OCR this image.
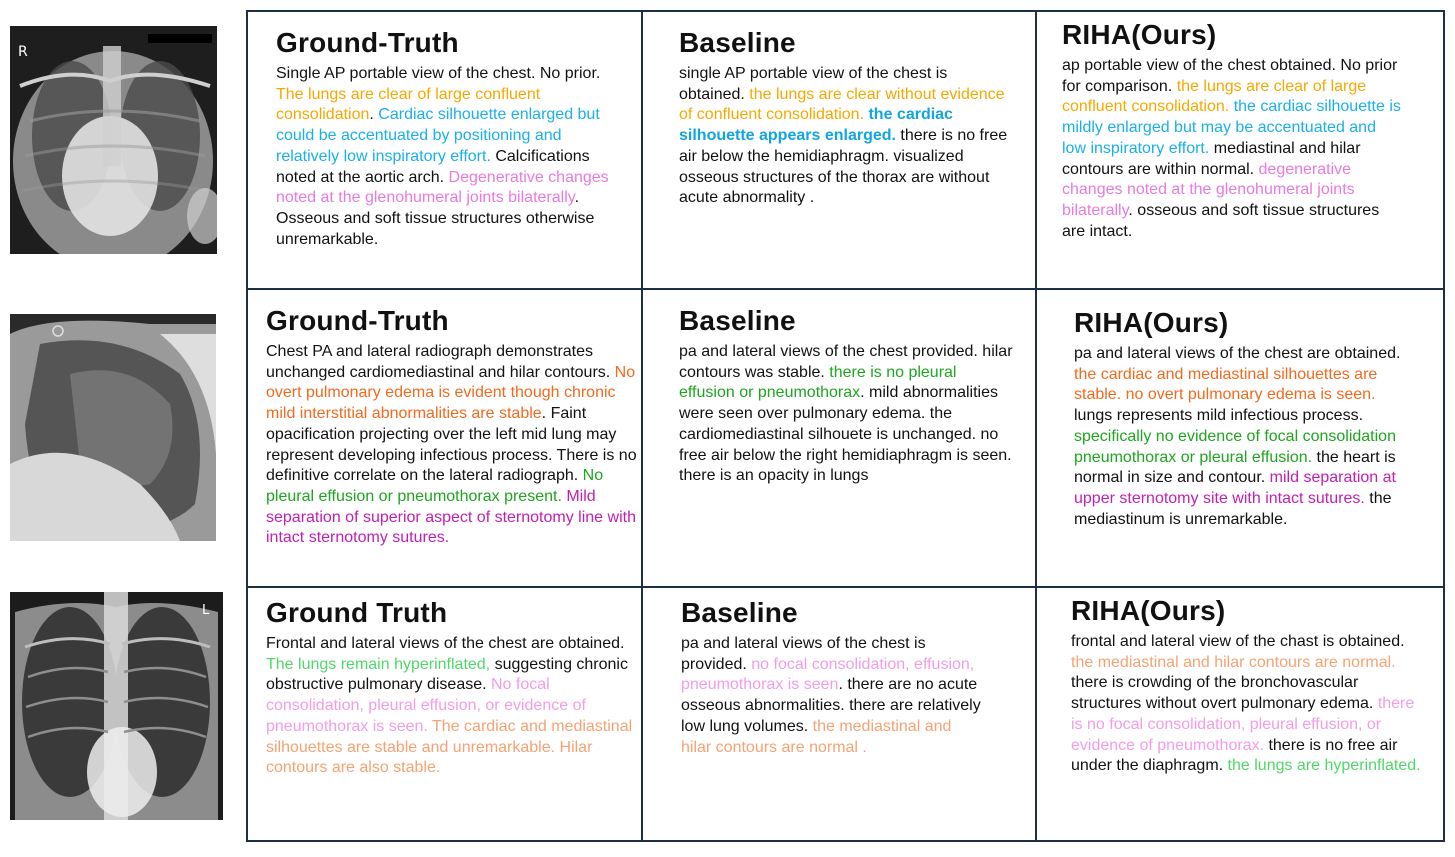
R
L
Ground-Truth

Single AP portable view of the chest. No prior. The lungs are clear of large confluent consolidation. Cardiac silhouette enlarged but could be accentuated by positioning and relatively low inspiratory effort. Calcifications noted at the aortic arch. Degenerative changes noted at the glenohumeral joints bilaterally. Osseous and soft tissue structures otherwise unremarkable.

Baseline

single AP portable view of the chest is obtained. the lungs are clear without evidence of confluent consolidation. the cardiac silhouette appears enlarged. there is no free air below the hemidiaphragm. visualized osseous structures of the thorax are without acute abnormality .

RIHA(Ours)

ap portable view of the chest obtained. No prior for comparison. the lungs are clear of large confluent consolidation. the cardiac silhouette is mildly enlarged but may be accentuated and low inspiratory effort. mediastinal and hilar contours are within normal. degenerative changes noted at the glenohumeral joints bilaterally. osseous and soft tissue structures are intact.

Ground-Truth

Chest PA and lateral radiograph demonstrates unchanged cardiomediastinal and hilar contours. No overt pulmonary edema is evident though chronic mild interstitial abnormalities are stable. Faint opacification projecting over the left mid lung may represent developing infectious process. There is no definitive correlate on the lateral radiograph. No pleural effusion or pneumothorax present. Mild separation of superior aspect of sternotomy line with intact sternotomy sutures.

Baseline

pa and lateral views of the chest provided. hilar contours was stable. there is no pleural effusion or pneumothorax. mild abnormalities were seen over pulmonary edema. the cardiomediastinal silhouete is unchanged. no free air below the right hemidiaphragm is seen. there is an opacity in lungs

RIHA(Ours)

pa and lateral views of the chest are obtained. the cardiac and mediastinal silhouettes are stable. no overt pulmonary edema is seen. lungs represents mild infectious process. specifically no evidence of focal consolidation pneumothorax or pleural effusion. the heart is normal in size and contour. mild separation at upper sternotomy site with intact sutures. the mediastinum is unremarkable.

Ground Truth

Frontal and lateral views of the chest are obtained. The lungs remain hyperinflated, suggesting chronic obstructive pulmonary disease. No focal consolidation, pleural effusion, or evidence of pneumothorax is seen. The cardiac and mediastinal silhouettes are stable and unremarkable. Hilar contours are also stable.

Baseline

pa and lateral views of the chest is provided. no focal consolidation, effusion, pneumothorax is seen. there are no acute osseous abnormalities. there are relatively low lung volumes. the mediastinal and hilar contours are normal .

RIHA(Ours)

frontal and lateral view of the chast is obtained. the mediastinal and hilar contours are normal. there is crowding of the bronchovascular structures without overt pulmonary edema. there is no focal consolidation, pleural effusion, or evidence of pneumothorax. there is no free air under the diaphragm. the lungs are hyperinflated.
